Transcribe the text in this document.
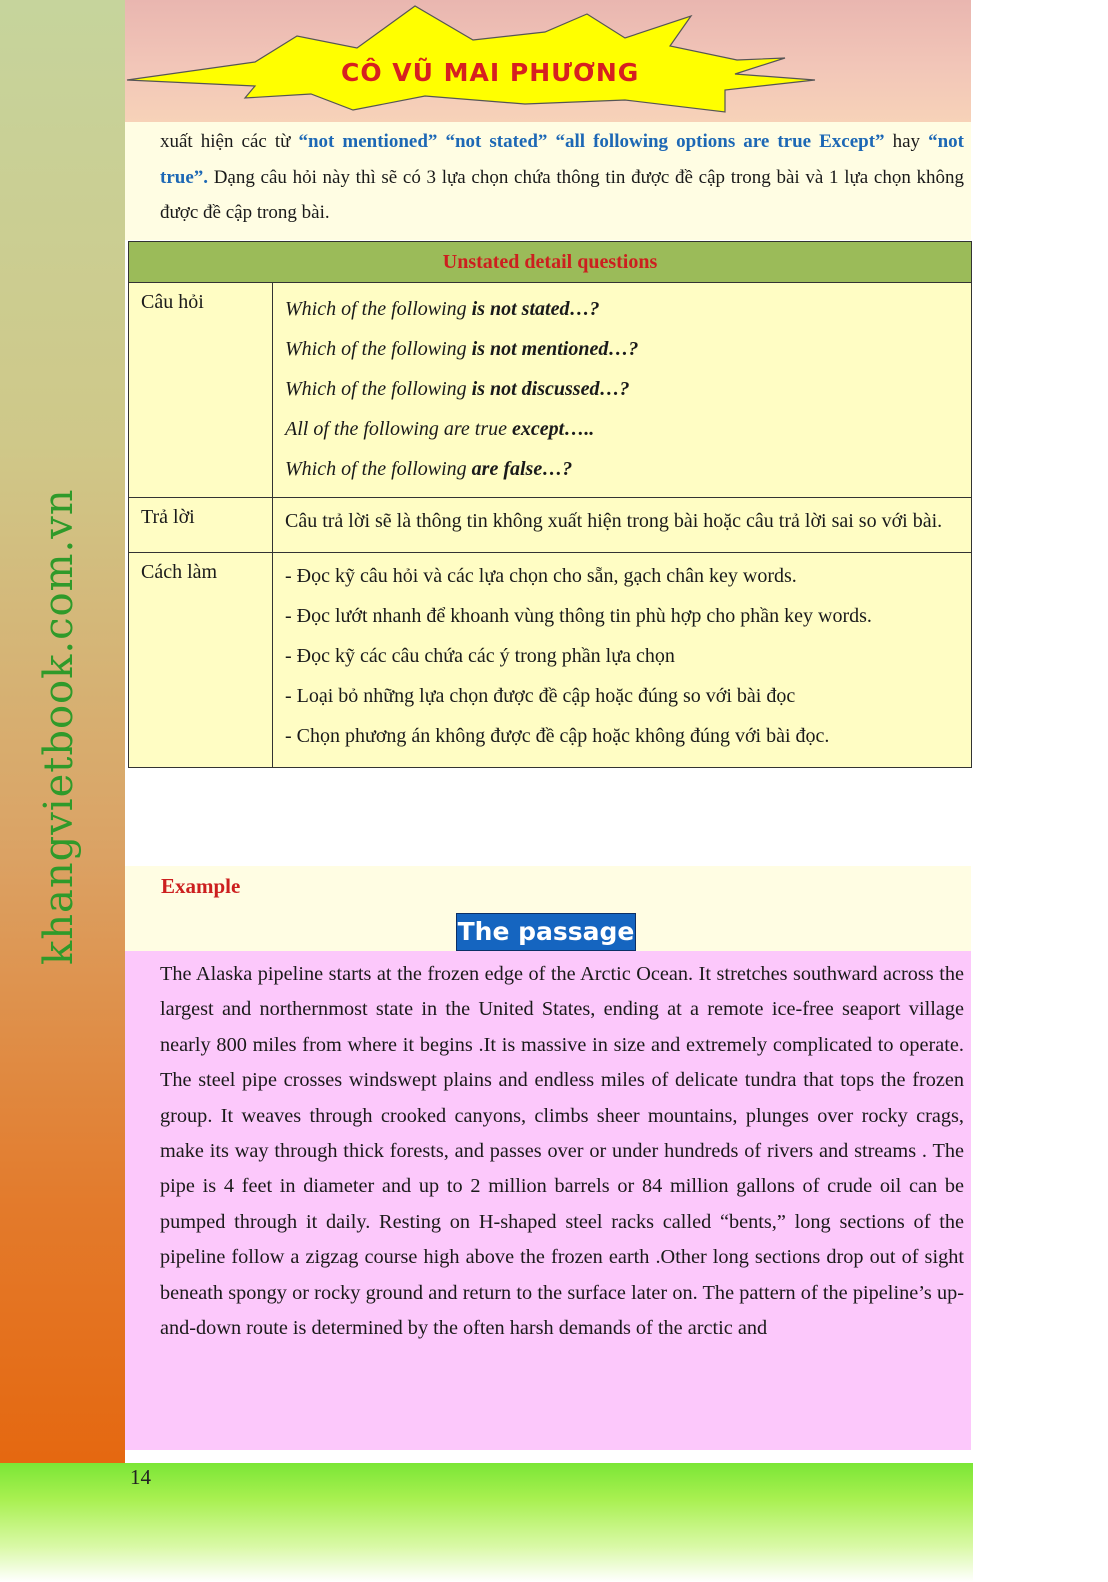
khangvietbook.com.vn
CÔ VŨ MAI PHƯƠNG
xuất hiện các từ “not mentioned” “not stated” “all following options are true Except” hay “not true”. Dạng câu hỏi này thì sẽ có 3 lựa chọn chứa thông tin được đề cập trong bài và 1 lựa chọn không được đề cập trong bài.
Unstated detail questions	
Câu hỏi	Which of the following is not stated…?
Which of the following is not mentioned…?
Which of the following is not discussed…?
All of the following are true except…..
Which of the following are false…?

Trả lời	Câu trả lời sẽ là thông tin không xuất hiện trong bài hoặc câu trả lời sai so với bài.

Cách làm	- Đọc kỹ câu hỏi và các lựa chọn cho sẵn, gạch chân key words.
- Đọc lướt nhanh để khoanh vùng thông tin phù hợp cho phần key words.
- Đọc kỹ các câu chứa các ý trong phần lựa chọn
- Loại bỏ những lựa chọn được đề cập hoặc đúng so với bài đọc
- Chọn phương án không được đề cập hoặc không đúng với bài đọc.
Example
The passage
The Alaska pipeline starts at the frozen edge of the Arctic Ocean. It stretches southward across the largest and northernmost state in the United States, ending at a remote ice-free seaport village nearly 800 miles from where it begins .It is massive in size and extremely complicated to operate. The steel pipe crosses windswept plains and endless miles of delicate tundra that tops the frozen group. It weaves through crooked canyons, climbs sheer mountains, plunges over rocky crags, make its way through thick forests, and passes over or under hundreds of rivers and streams . The pipe is 4 feet in diameter and up to 2 million barrels or 84 million gallons of crude oil can be pumped through it daily. Resting on H-shaped steel racks called “bents,” long sections of the pipeline follow a zigzag course high above the frozen earth .Other long sections drop out of sight beneath spongy or rocky ground and return to the surface later on. The pattern of the pipeline’s up-and-down route is determined by the often harsh demands of the arctic and
14
